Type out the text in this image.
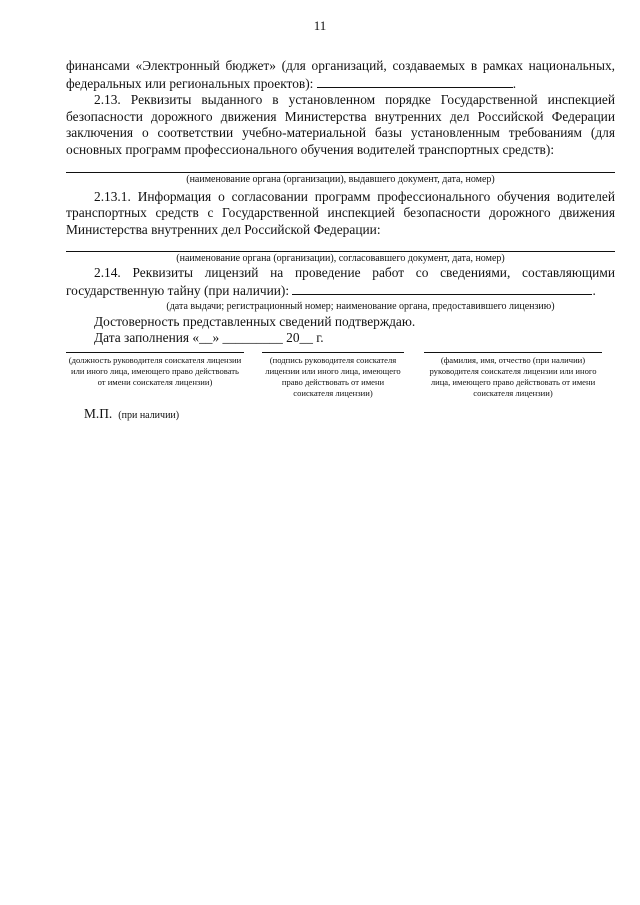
11

финансами «Электронный бюджет» (для организаций, создаваемых в рамках национальных, федеральных или региональных проектов):	.

2.13. Реквизиты выданного в установленном порядке Государственной инспекцией безопасности дорожного движения Министерства внутренних дел Российской Федерации заключения о соответствии учебно-материальной базы установленным требованиям (для основных программ профессионального обучения водителей транспортных средств):

(наименование органа (организации), выдавшего документ, дата, номер)

2.13.1. Информация о согласовании программ профессионального обучения водителей транспортных средств с Государственной инспекцией безопасности дорожного движения Министерства внутренних дел Российской Федерации:

(наименование органа (организации), согласовавшего документ, дата, номер)

2.14. Реквизиты лицензий на проведение работ со сведениями, составляющими государственную тайну (при наличии):	.

(дата выдачи; регистрационный номер; наименование органа, предоставившего лицензию)

Достоверность представленных сведений подтверждаю.

Дата заполнения «__» _________ 20__ г.

(должность руководителя соискателя лицензии или иного лица, имеющего право действовать от имени соискателя лицензии)
(подпись руководителя соискателя лицензии или иного лица, имеющего право действовать от имени соискателя лицензии)
(фамилия, имя, отчество (при наличии) руководителя соискателя лицензии или иного лица, имеющего право действовать от имени соискателя лицензии)
М.П. (при наличии)
